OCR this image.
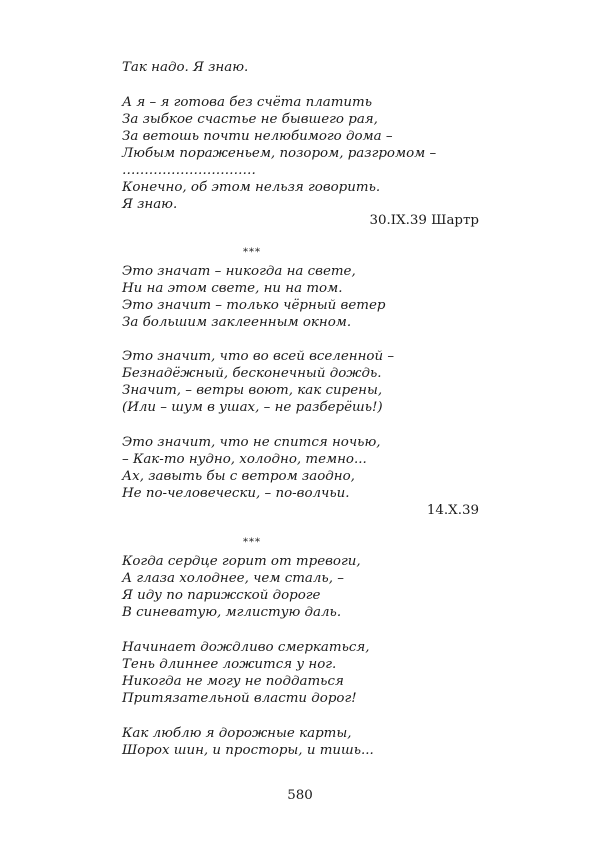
Так надо. Я знаю.
А я – я готова без счёта платить
За зыбкое счастье не бывшего рая,
За ветошь почти нелюбимого дома –
Любым пораженьем, позором, разгромом –
…………………………
Конечно, об этом нельзя говорить.
Я знаю.
30.IX.39 Шартр
***
Это значат – никогда на свете,
Ни на этом свете, ни на том.
Это значит – только чёрный ветер
За большим заклеенным окном.
Это значит, что во всей вселенной –
Безнадёжный, бесконечный дождь.
Значит, – ветры воют, как сирены,
(Или – шум в ушах, – не разберёшь!)
Это значит, что не спится ночью,
– Как-то нудно, холодно, темно...
Ах, завыть бы с ветром заодно,
Не по-человечески, – по-волчьи.
14.X.39
***
Когда сердце горит от тревоги,
А глаза холоднее, чем сталь, –
Я иду по парижской дороге
В синеватую, мглистую даль.
Начинает дождливо смеркаться,
Тень длиннее ложится у ног.
Никогда не могу не поддаться
Притязательной власти дорог!
Как люблю я дорожные карты,
Шорох шин, и просторы, и тишь...
580
